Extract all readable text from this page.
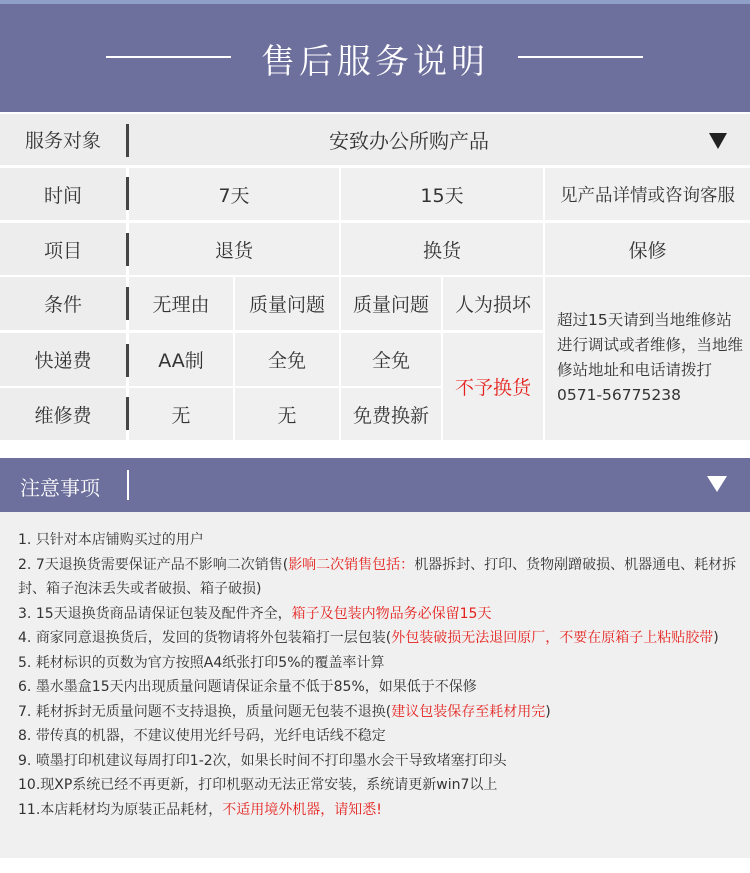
售后服务说明
服务对象	安致办公所购产品
时间	7天	15天	见产品详情或咨询客服
项目	退货	换货	保修
条件	无理由	质量问题	质量问题	人为损坏
快递费	AA制	全免	全免
维修费	无	无	免费换新
不予换货
超过15天请到当地维修站进行调试或者维修，当地维修站地址和电话请拨打0571-56775238
注意事项
1. 只针对本店铺购买过的用户
2. 7天退换货需要保证产品不影响二次销售(影响二次销售包括：机器拆封、打印、货物剐蹭破损、机器通电、耗材拆封、箱子泡沫丢失或者破损、箱子破损)
3. 15天退换货商品请保证包装及配件齐全，箱子及包装内物品务必保留15天
4. 商家同意退换货后，发回的货物请将外包装箱打一层包装(外包装破损无法退回原厂，不要在原箱子上粘贴胶带)
5. 耗材标识的页数为官方按照A4纸张打印5%的覆盖率计算
6. 墨水墨盒15天内出现质量问题请保证余量不低于85%，如果低于不保修
7. 耗材拆封无质量问题不支持退换，质量问题无包装不退换(建议包装保存至耗材用完)
8. 带传真的机器，不建议使用光纤号码，光纤电话线不稳定
9. 喷墨打印机建议每周打印1-2次，如果长时间不打印墨水会干导致堵塞打印头
10.现XP系统已经不再更新，打印机驱动无法正常安装，系统请更新win7以上
11.本店耗材均为原装正品耗材，不适用境外机器，请知悉!
